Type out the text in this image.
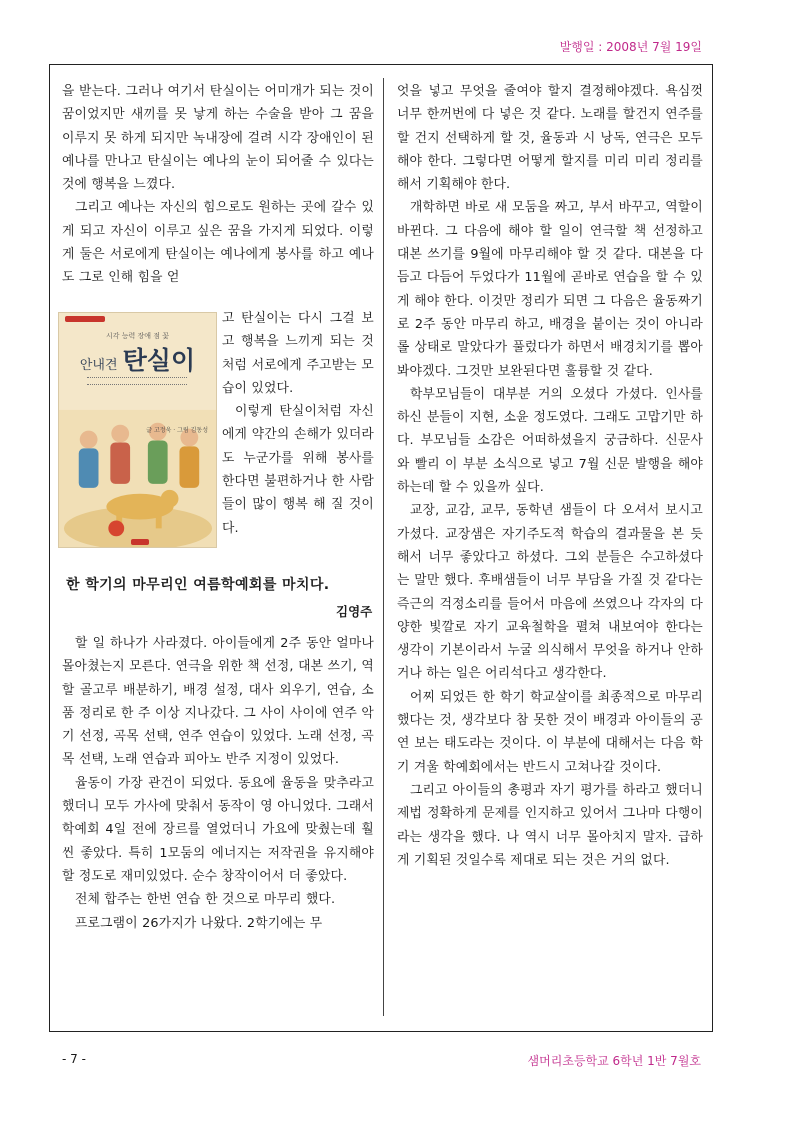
발행일 : 2008년 7월 19일

을 받는다. 그러나 여기서 탄실이는 어미개가 되는 것이 꿈이었지만 새끼를 못 낳게 하는 수술을 받아 그 꿈을 이루지 못 하게 되지만 녹내장에 걸려 시각 장애인이 된 예나를 만나고 탄실이는 예나의 눈이 되어줄 수 있다는 것에 행복을 느꼈다.

그리고 예나는 자신의 힘으로도 원하는 곳에 갈수 있게 되고 자신이 이루고 싶은 꿈을 가지게 되었다. 이렇게 둘은 서로에게 탄실이는 예나에게 봉사를 하고 예나도 그로 인해 힘을 얻

시각 능력 장애 점 꽃
안내견 탄실이
글 고정욱 · 그림 김동성

고 탄실이는 다시 그걸 보고 행복을 느끼게 되는 것처럼 서로에게 주고받는 모습이 있었다.

이렇게 탄실이처럼 자신에게 약간의 손해가 있더라도 누군가를 위해 봉사를 한다면 불편하거나 한 사람들이 많이 행복 해 질 것이다.

한 학기의 마무리인 여름학예회를 마치다.
김영주

할 일 하나가 사라졌다. 아이들에게 2주 동안 얼마나 몰아쳤는지 모른다. 연극을 위한 책 선정, 대본 쓰기, 역할 골고루 배분하기, 배경 설정, 대사 외우기, 연습, 소품 정리로 한 주 이상 지나갔다. 그 사이 사이에 연주 악기 선정, 곡목 선택, 연주 연습이 있었다. 노래 선정, 곡목 선택, 노래 연습과 피아노 반주 지정이 있었다.

율동이 가장 관건이 되었다. 동요에 율동을 맞추라고 했더니 모두 가사에 맞춰서 동작이 영 아니었다. 그래서 학예회 4일 전에 장르를 열었더니 가요에 맞췄는데 훨씬 좋았다. 특히 1모둠의 에너지는 저작권을 유지해야 할 정도로 재미있었다. 순수 창작이어서 더 좋았다.

전체 합주는 한번 연습 한 것으로 마무리 했다.

프로그램이 26가지가 나왔다. 2학기에는 무

엇을 넣고 무엇을 줄여야 할지 결정해야겠다. 욕심껏 너무 한꺼번에 다 넣은 것 같다. 노래를 할건지 연주를 할 건지 선택하게 할 것, 율동과 시 낭독, 연극은 모두 해야 한다. 그렇다면 어떻게 할지를 미리 미리 정리를 해서 기획해야 한다.

개학하면 바로 새 모둠을 짜고, 부서 바꾸고, 역할이 바뀐다. 그 다음에 해야 할 일이 연극할 책 선정하고 대본 쓰기를 9월에 마무리해야 할 것 같다. 대본을 다듬고 다듬어 두었다가 11월에 곧바로 연습을 할 수 있게 해야 한다. 이것만 정리가 되면 그 다음은 율동짜기로 2주 동안 마무리 하고, 배경을 붙이는 것이 아니라 롤 상태로 말았다가 풀렀다가 하면서 배경치기를 뽑아봐야겠다. 그것만 보완된다면 훌륭할 것 같다.

학부모님들이 대부분 거의 오셨다 가셨다. 인사를 하신 분들이 지현, 소윤 정도였다. 그래도 고맙기만 하다. 부모님들 소감은 어떠하셨을지 궁금하다. 신문사와 빨리 이 부분 소식으로 넣고 7월 신문 발행을 해야 하는데 할 수 있을까 싶다.

교장, 교감, 교무, 동학년 샘들이 다 오셔서 보시고 가셨다. 교장샘은 자기주도적 학습의 결과물을 본 듯해서 너무 좋았다고 하셨다. 그외 분들은 수고하셨다는 말만 했다. 후배샘들이 너무 부담을 가질 것 같다는 즉근의 걱정소리를 들어서 마음에 쓰였으나 각자의 다양한 빛깔로 자기 교육철학을 펼쳐 내보여야 한다는 생각이 기본이라서 누굴 의식해서 무엇을 하거나 안하거나 하는 일은 어리석다고 생각한다.

어찌 되었든 한 학기 학교살이를 최종적으로 마무리 했다는 것, 생각보다 참 못한 것이 배경과 아이들의 공연 보는 태도라는 것이다. 이 부분에 대해서는 다음 학기 겨울 학예회에서는 반드시 고쳐나갈 것이다.

그리고 아이들의 총평과 자기 평가를 하라고 했더니 제법 정확하게 문제를 인지하고 있어서 그나마 다행이라는 생각을 했다. 나 역시 너무 몰아치지 말자. 급하게 기획된 것일수록 제대로 되는 것은 거의 없다.

- 7 -	샘머리초등학교 6학년 1반 7월호
